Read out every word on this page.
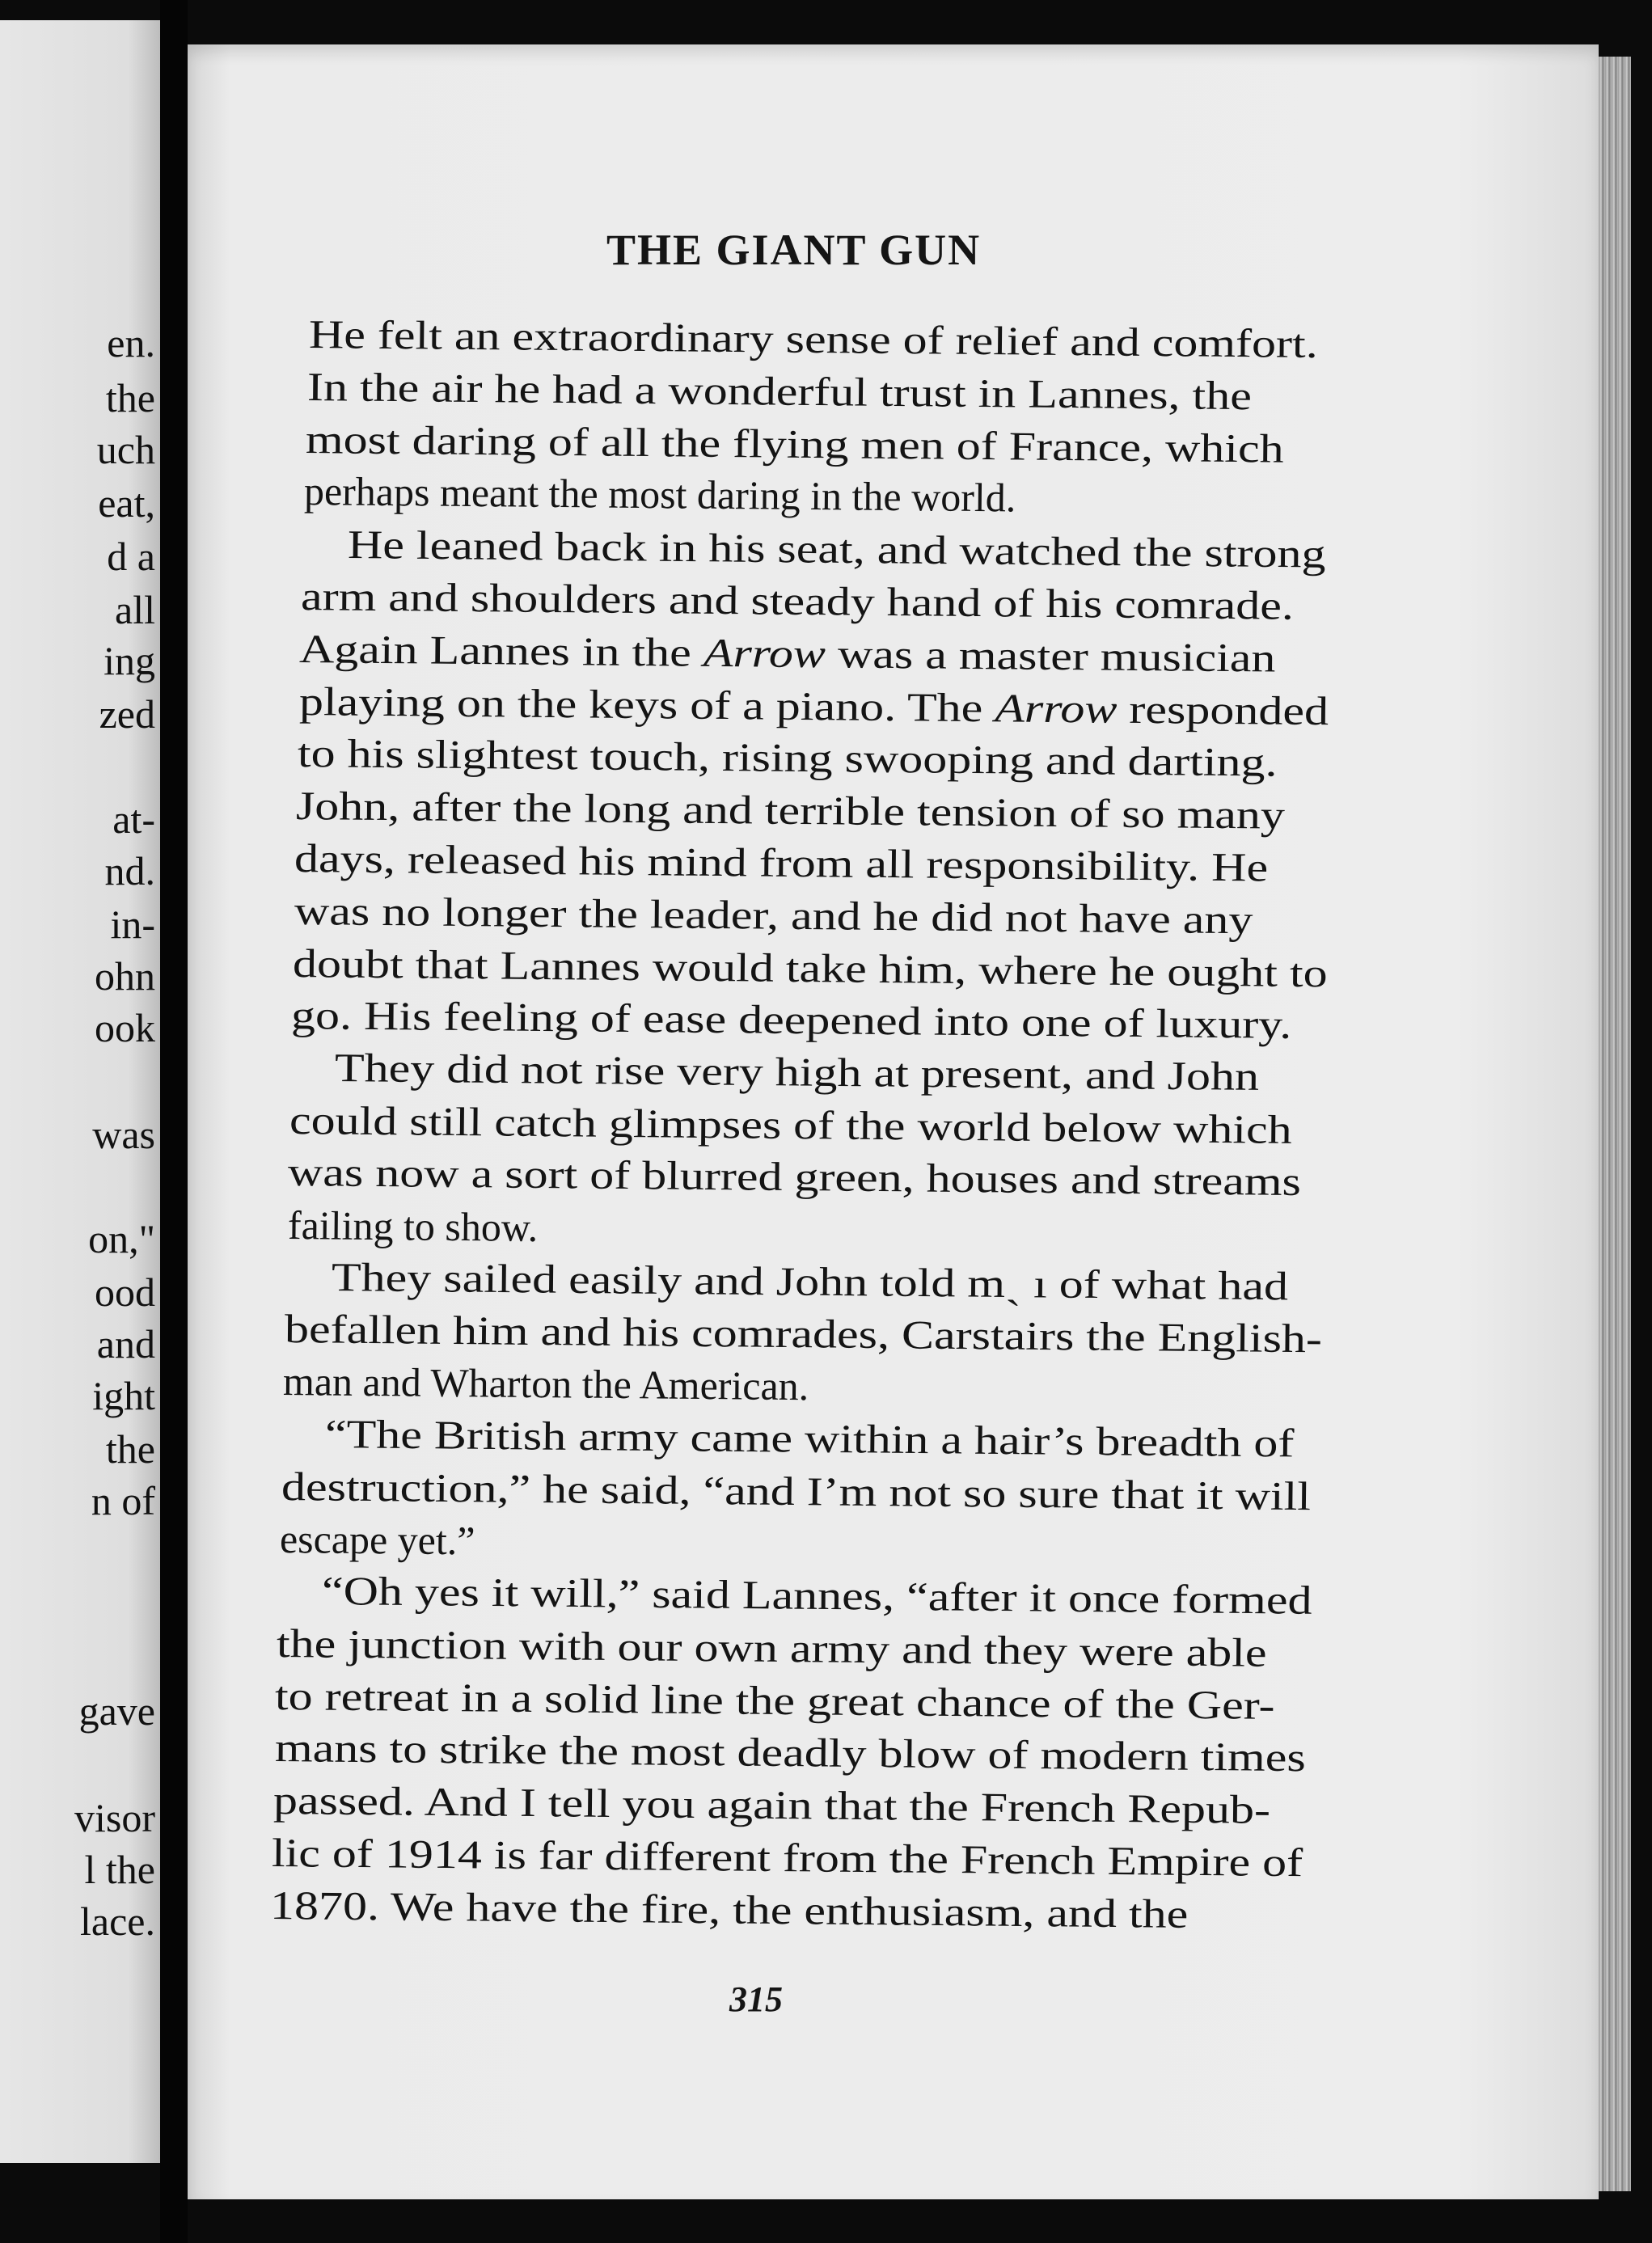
en.

the

uch

eat,

d a

all

ing

zed

at-

nd.

in-

ohn

ook

was

on,"

ood

and

ight

the

n of

gave

visor

l the

lace.

THE GIANT GUN

He felt an extraordinary sense of relief and comfort.

In the air he had a wonderful trust in Lannes, the

most daring of all the flying men of France, which

perhaps meant the most daring in the world.

He leaned back in his seat, and watched the strong

arm and shoulders and steady hand of his comrade.

Again Lannes in the Arrow was a master musician

playing on the keys of a piano. The Arrow responded

to his slightest touch, rising swooping and darting.

John, after the long and terrible tension of so many

days, released his mind from all responsibility. He

was no longer the leader, and he did not have any

doubt that Lannes would take him, where he ought to

go. His feeling of ease deepened into one of luxury.

They did not rise very high at present, and John

could still catch glimpses of the world below which

was now a sort of blurred green, houses and streams

failing to show.

They sailed easily and John told mˎ ı of what had

befallen him and his comrades, Carstairs the English-

man and Wharton the American.

“The British army came within a hair’s breadth of

destruction,” he said, “and I’m not so sure that it will

escape yet.”

“Oh yes it will,” said Lannes, “after it once formed

the junction with our own army and they were able

to retreat in a solid line the great chance of the Ger-

mans to strike the most deadly blow of modern times

passed. And I tell you again that the French Repub-

lic of 1914 is far different from the French Empire of

1870. We have the fire, the enthusiasm, and the

315
